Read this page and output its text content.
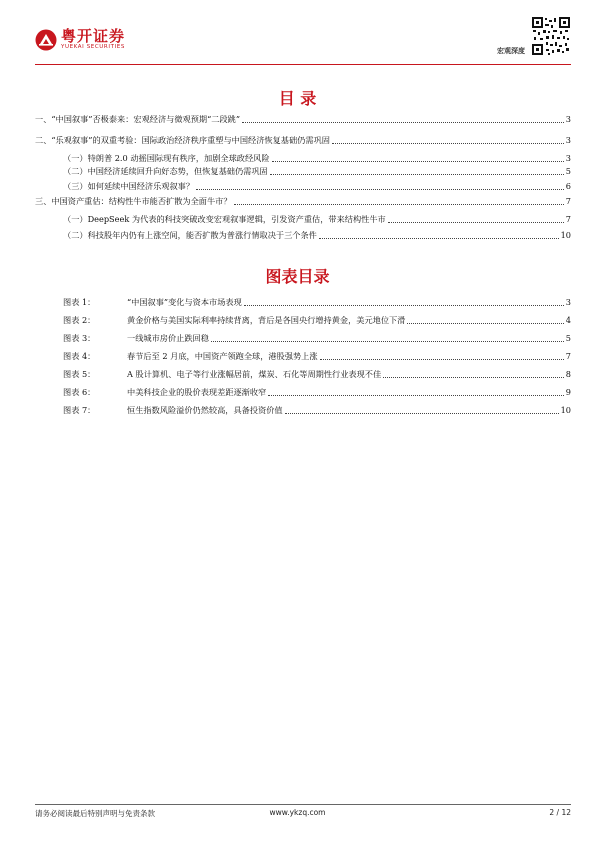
粤开证券
YUEKAI SECURITIES	宏观深度
目 录
一、“中国叙事”否极泰来：宏观经济与微观预期“二段跳”	3
二、“乐观叙事”的双重考验：国际政治经济秩序重塑与中国经济恢复基础仍需巩固	3
（一）特朗普 2.0 动摇国际现有秩序，加剧全球政经风险	3
（二）中国经济延续回升向好态势，但恢复基础仍需巩固	5
（三）如何延续中国经济乐观叙事？	6
三、中国资产重估：结构性牛市能否扩散为全面牛市？	7
（一）DeepSeek 为代表的科技突破改变宏观叙事逻辑，引发资产重估，带来结构性牛市	7
（二）科技股年内仍有上涨空间，能否扩散为普涨行情取决于三个条件	10
图表目录
图表 1：	“中国叙事”变化与资本市场表现	3
图表 2：	黄金价格与美国实际利率持续背离，背后是各国央行增持黄金，美元地位下滑	4
图表 3：	一线城市房价止跌回稳	5
图表 4：	春节后至 2 月底，中国资产领跑全球，港股强势上涨	7
图表 5：	A 股计算机、电子等行业涨幅居前，煤炭、石化等周期性行业表现不佳	8
图表 6：	中美科技企业的股价表现差距逐渐收窄	9
图表 7：	恒生指数风险溢价仍然较高，具备投资价值	10
请务必阅读最后特别声明与免责条款	www.ykzq.com	2 / 12
